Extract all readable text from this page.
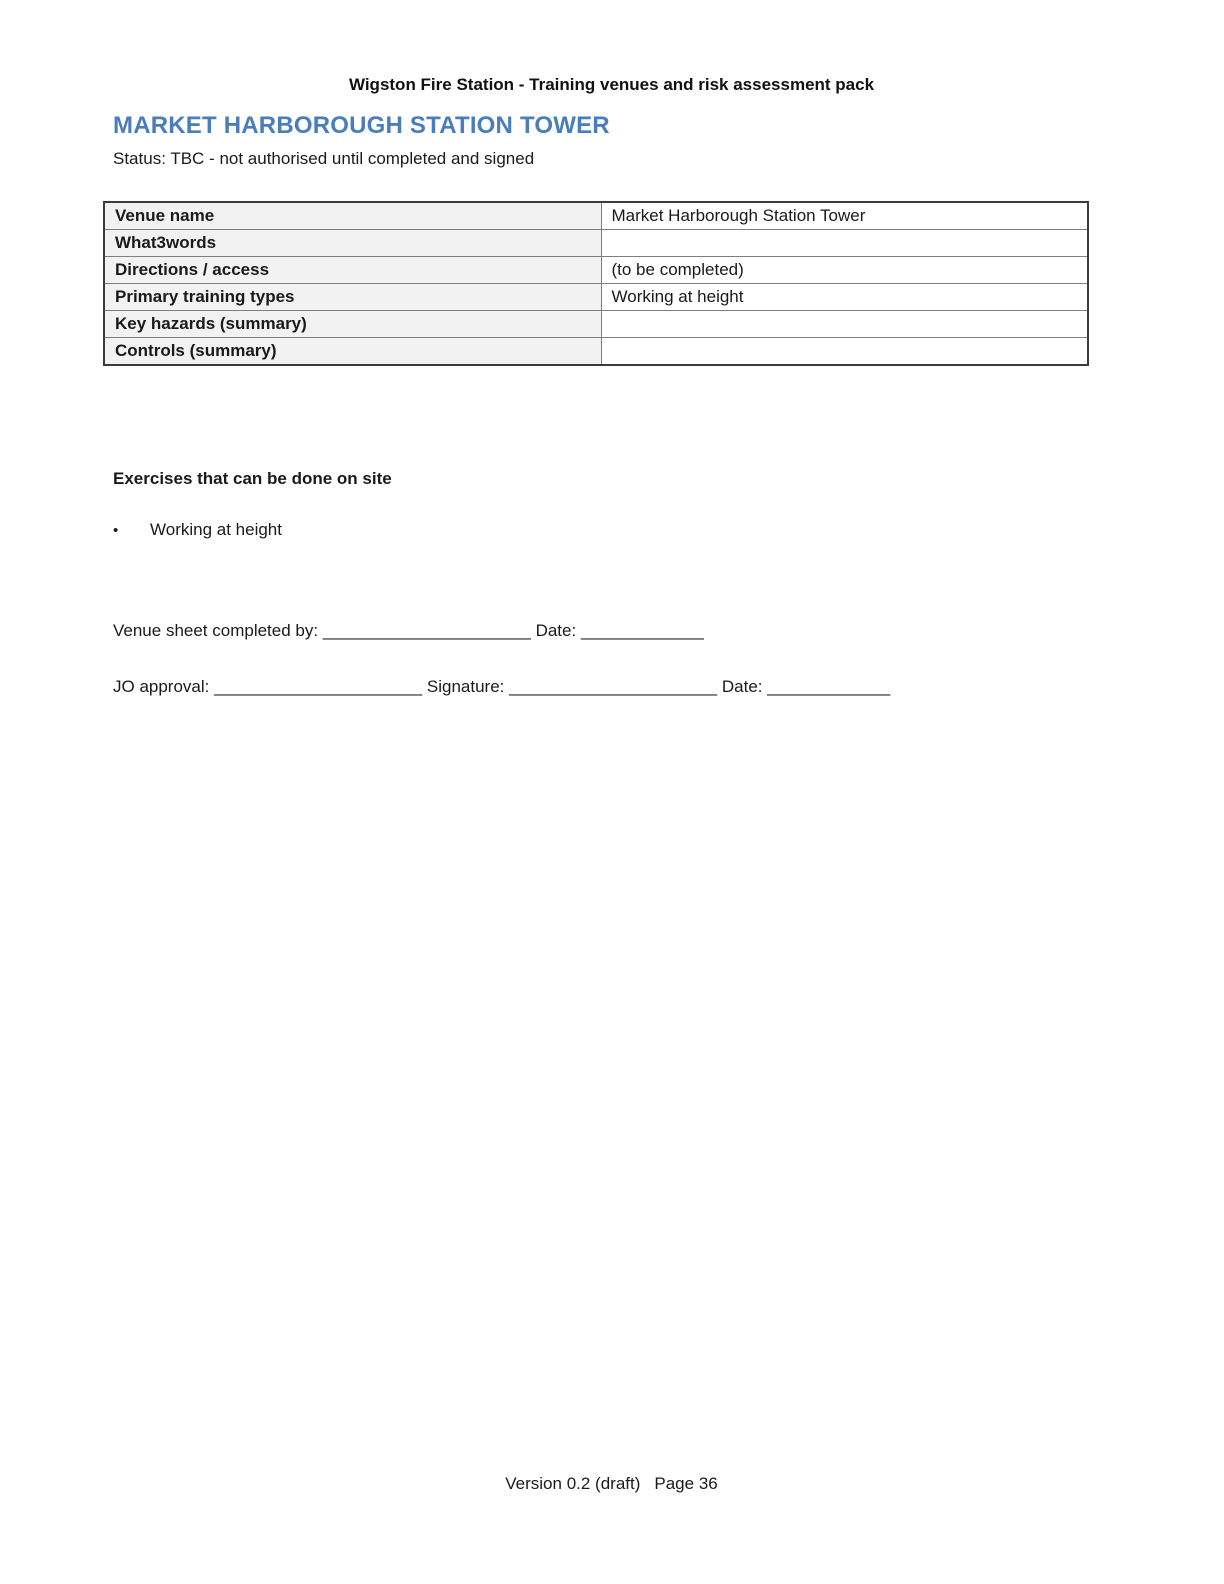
Wigston Fire Station - Training venues and risk assessment pack
MARKET HARBOROUGH STATION TOWER
Status: TBC - not authorised until completed and signed
Venue name	Market Harborough Station Tower
What3words	
Directions / access	(to be completed)
Primary training types	Working at height
Key hazards (summary)	
Controls (summary)	
Exercises that can be done on site
•	Working at height
Venue sheet completed by: ______________________ Date: _____________
JO approval: ______________________ Signature: ______________________ Date: _____________
Version 0.2 (draft) Page 36
